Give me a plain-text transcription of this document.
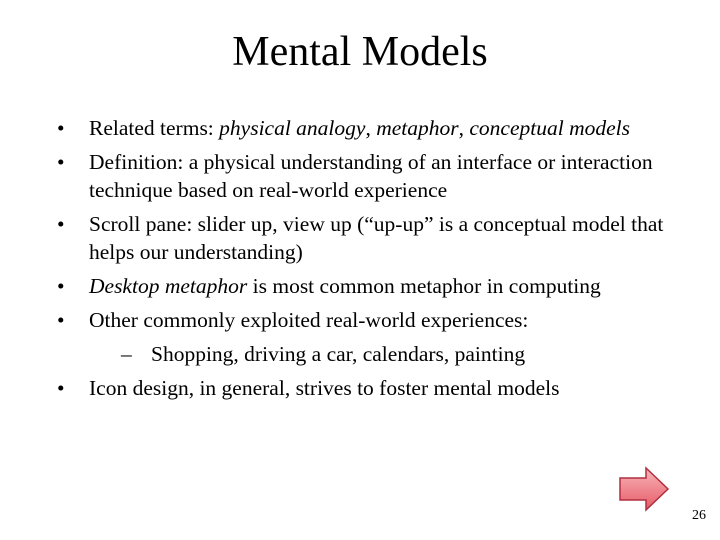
Mental Models
• Related terms: physical analogy, metaphor, conceptual models
• Definition: a physical understanding of an interface or interaction technique based on real-world experience
• Scroll pane: slider up, view up (“up-up” is a conceptual model that helps our understanding)
• Desktop metaphor is most common metaphor in computing
• Other commonly exploited real-world experiences:
– Shopping, driving a car, calendars, painting
• Icon design, in general, strives to foster mental models
26
